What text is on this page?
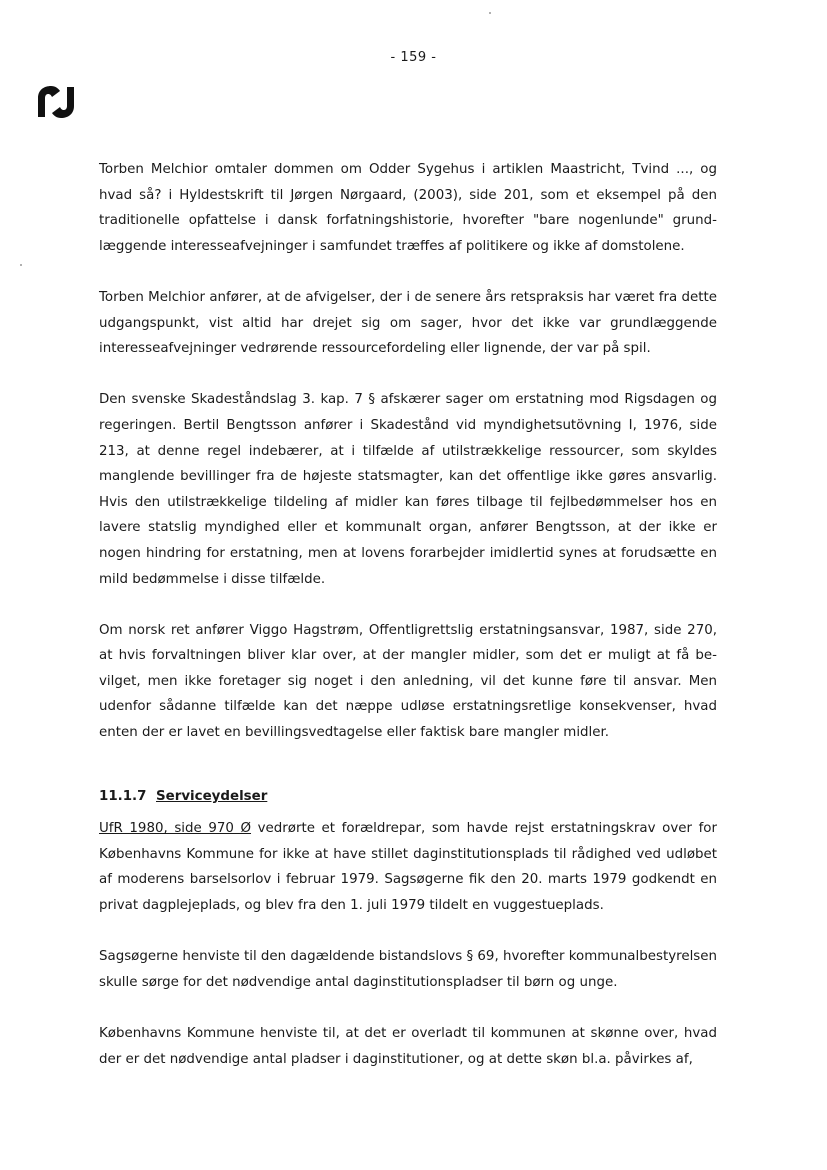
- 159 -

Torben Melchior omtaler dommen om Odder Sygehus i artiklen Maastricht, Tvind ..., og hvad så? i Hyldestskrift til Jørgen Nørgaard, (2003), side 201, som et eksempel på den traditionelle opfattelse i dansk forfatningshistorie, hvorefter "bare nogenlunde" grundlæggende interesseafvejninger i samfundet træffes af politikere og ikke af domstolene.

Torben Melchior anfører, at de afvigelser, der i de senere års retspraksis har været fra dette udgangspunkt, vist altid har drejet sig om sager, hvor det ikke var grundlæggende interesseafvejninger vedrørende ressourcefordeling eller lignende, der var på spil.

Den svenske Skadeståndslag 3. kap. 7 § afskærer sager om erstatning mod Rigsdagen og regeringen. Bertil Bengtsson anfører i Skadestånd vid myndighetsutövning I, 1976, side 213, at denne regel indebærer, at i tilfælde af utilstrækkelige ressourcer, som skyldes manglende bevillinger fra de højeste statsmagter, kan det offentlige ikke gøres ansvarlig. Hvis den utilstrækkelige tildeling af midler kan føres tilbage til fejlbedømmelser hos en lavere statslig myndighed eller et kommunalt organ, anfører Bengtsson, at der ikke er nogen hindring for erstatning, men at lovens forarbejder imidlertid synes at forudsætte en mild bedømmelse i disse tilfælde.

Om norsk ret anfører Viggo Hagstrøm, Offentligrettslig erstatningsansvar, 1987, side 270, at hvis forvaltningen bliver klar over, at der mangler midler, som det er muligt at få bevilget, men ikke foretager sig noget i den anledning, vil det kunne føre til ansvar. Men udenfor sådanne tilfælde kan det næppe udløse erstatningsretlige konsekvenser, hvad enten der er lavet en bevillingsvedtagelse eller faktisk bare mangler midler.

11.1.7 Serviceydelser

UfR 1980, side 970 Ø vedrørte et forældrepar, som havde rejst erstatningskrav over for Københavns Kommune for ikke at have stillet daginstitutionsplads til rådighed ved udløbet af moderens barselsorlov i februar 1979. Sagsøgerne fik den 20. marts 1979 godkendt en privat dagplejeplads, og blev fra den 1. juli 1979 tildelt en vuggestueplads.

Sagsøgerne henviste til den dagældende bistandslovs § 69, hvorefter kommunalbestyrelsen skulle sørge for det nødvendige antal daginstitutionspladser til børn og unge.

Københavns Kommune henviste til, at det er overladt til kommunen at skønne over, hvad der er det nødvendige antal pladser i daginstitutioner, og at dette skøn bl.a. påvirkes af,
